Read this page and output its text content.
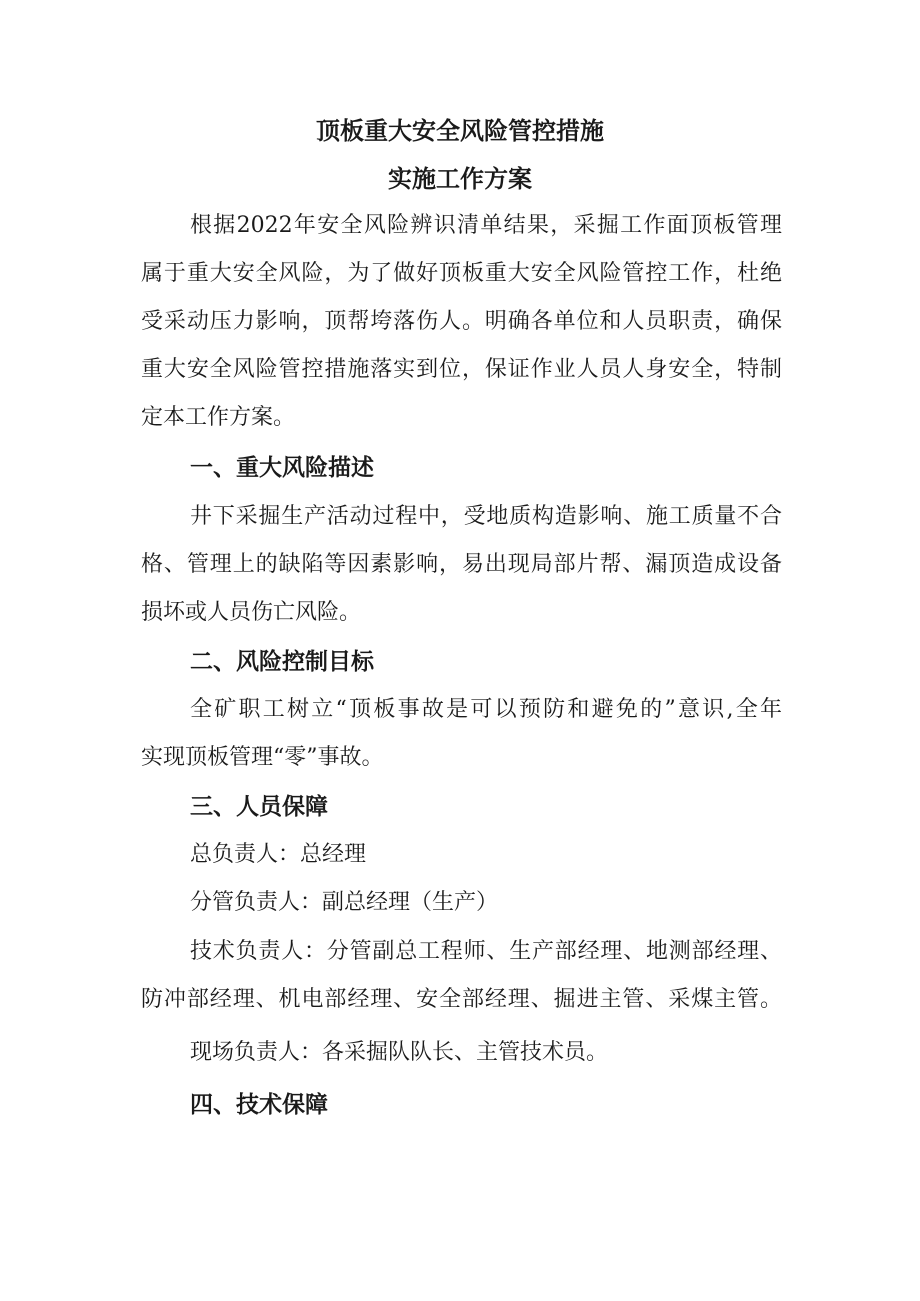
顶板重大安全风险管控措施
实施工作方案

根据2022年安全风险辨识清单结果，采掘工作面顶板管理

属于重大安全风险，为了做好顶板重大安全风险管控工作，杜绝

受采动压力影响，顶帮垮落伤人。明确各单位和人员职责，确保

重大安全风险管控措施落实到位，保证作业人员人身安全，特制

定本工作方案。

一、重大风险描述

井下采掘生产活动过程中，受地质构造影响、施工质量不合

格、管理上的缺陷等因素影响，易出现局部片帮、漏顶造成设备

损坏或人员伤亡风险。

二、风险控制目标

全矿职工树立“顶板事故是可以预防和避免的”意识,全年

实现顶板管理“零”事故。

三、人员保障

总负责人：总经理

分管负责人：副总经理（生产）

技术负责人：分管副总工程师、生产部经理、地测部经理、

防冲部经理、机电部经理、安全部经理、掘进主管、采煤主管。

现场负责人：各采掘队队长、主管技术员。

四、技术保障
